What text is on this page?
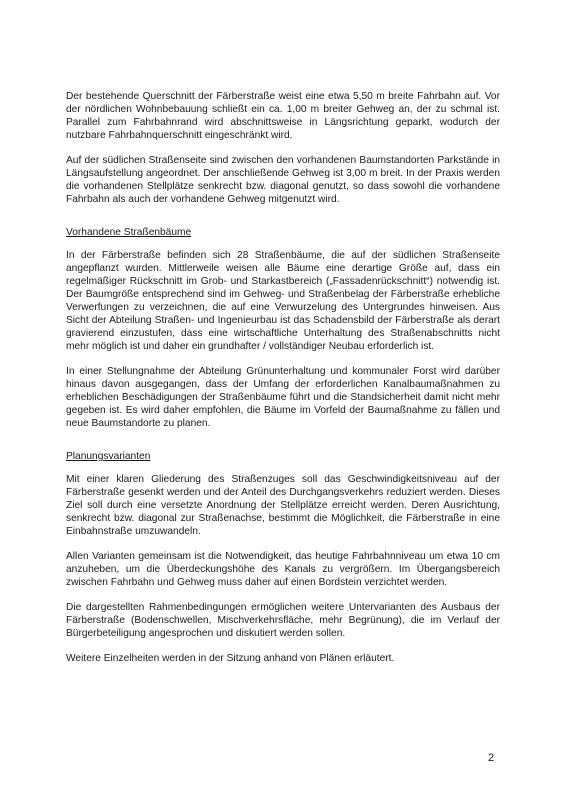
Der bestehende Querschnitt der Färberstraße weist eine etwa 5,50 m breite Fahrbahn auf. Vor der nördlichen Wohnbebauung schließt ein ca. 1,00 m breiter Gehweg an, der zu schmal ist. Parallel zum Fahrbahnrand wird abschnittsweise in Längsrichtung geparkt, wodurch der nutzbare Fahrbahnquerschnitt eingeschränkt wird.

Auf der südlichen Straßenseite sind zwischen den vorhandenen Baumstandorten Parkstände in Längsaufstellung angeordnet. Der anschließende Gehweg ist 3,00 m breit. In der Praxis werden die vorhandenen Stellplätze senkrecht bzw. diagonal genutzt, so dass sowohl die vorhandene Fahrbahn als auch der vorhandene Gehweg mitgenutzt wird.

Vorhandene Straßenbäume

In der Färberstraße befinden sich 28 Straßenbäume, die auf der südlichen Straßenseite angepflanzt wurden. Mittlerweile weisen alle Bäume eine derartige Größe auf, dass ein regelmäßiger Rückschnitt im Grob- und Starkastbereich („Fassadenrückschnitt“) notwendig ist. Der Baumgröße entsprechend sind im Gehweg- und Straßenbelag der Färberstraße erhebliche Verwerfungen zu verzeichnen, die auf eine Verwurzelung des Untergrundes hinweisen. Aus Sicht der Abteilung Straßen- und Ingenieurbau ist das Schadensbild der Färberstraße als derart gravierend einzustufen, dass eine wirtschaftliche Unterhaltung des Straßenabschnitts nicht mehr möglich ist und daher ein grundhafter / vollständiger Neubau erforderlich ist.

In einer Stellungnahme der Abteilung Grünunterhaltung und kommunaler Forst wird darüber hinaus davon ausgegangen, dass der Umfang der erforderlichen Kanalbaumaßnahmen zu erheblichen Beschädigungen der Straßenbäume führt und die Standsicherheit damit nicht mehr gegeben ist. Es wird daher empfohlen, die Bäume im Vorfeld der Baumaßnahme zu fällen und neue Baumstandorte zu planen.

Planungsvarianten

Mit einer klaren Gliederung des Straßenzuges soll das Geschwindigkeitsniveau auf der Färberstraße gesenkt werden und der Anteil des Durchgangsverkehrs reduziert werden. Dieses Ziel soll durch eine versetzte Anordnung der Stellplätze erreicht werden. Deren Ausrichtung, senkrecht bzw. diagonal zur Straßenachse, bestimmt die Möglichkeit, die Färberstraße in eine Einbahnstraße umzuwandeln.

Allen Varianten gemeinsam ist die Notwendigkeit, das heutige Fahrbahnniveau um etwa 10 cm anzuheben, um die Überdeckungshöhe des Kanals zu vergrößern. Im Übergangsbereich zwischen Fahrbahn und Gehweg muss daher auf einen Bordstein verzichtet werden.

Die dargestellten Rahmenbedingungen ermöglichen weitere Untervarianten des Ausbaus der Färberstraße (Bodenschwellen, Mischverkehrsfläche, mehr Begrünung), die im Verlauf der Bürgerbeteiligung angesprochen und diskutiert werden sollen.

Weitere Einzelheiten werden in der Sitzung anhand von Plänen erläutert.

2
